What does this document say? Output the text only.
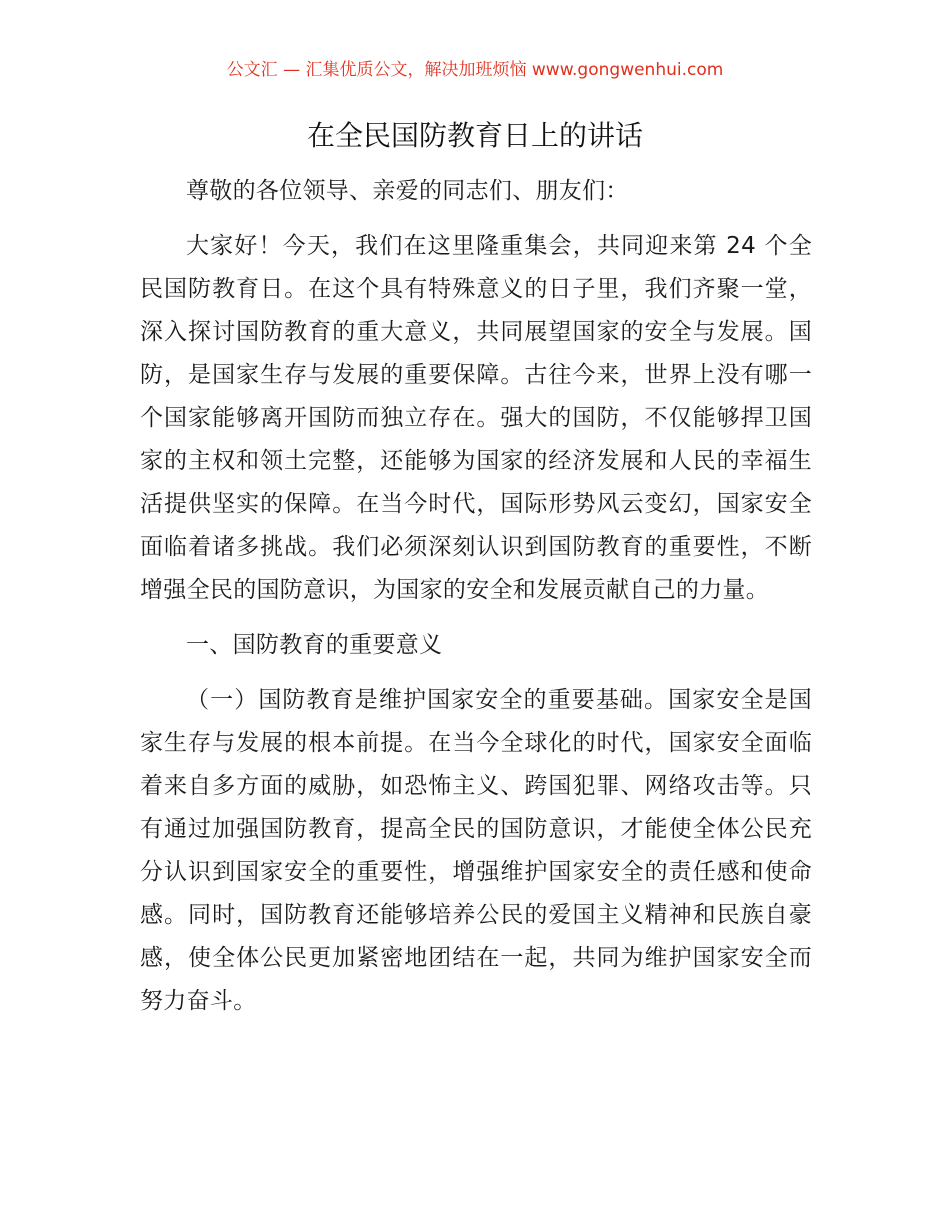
公文汇 — 汇集优质公文，解决加班烦恼 www.gongwenhui.com
在全民国防教育日上的讲话

尊敬的各位领导、亲爱的同志们、朋友们：

大家好！今天，我们在这里隆重集会，共同迎来第 24 个全民国防教育日。在这个具有特殊意义的日子里，我们齐聚一堂，深入探讨国防教育的重大意义，共同展望国家的安全与发展。国防，是国家生存与发展的重要保障。古往今来，世界上没有哪一个国家能够离开国防而独立存在。强大的国防，不仅能够捍卫国家的主权和领土完整，还能够为国家的经济发展和人民的幸福生活提供坚实的保障。在当今时代，国际形势风云变幻，国家安全面临着诸多挑战。我们必须深刻认识到国防教育的重要性，不断增强全民的国防意识，为国家的安全和发展贡献自己的力量。

一、国防教育的重要意义

（一）国防教育是维护国家安全的重要基础。国家安全是国家生存与发展的根本前提。在当今全球化的时代，国家安全面临着来自多方面的威胁，如恐怖主义、跨国犯罪、网络攻击等。只有通过加强国防教育，提高全民的国防意识，才能使全体公民充分认识到国家安全的重要性，增强维护国家安全的责任感和使命感。同时，国防教育还能够培养公民的爱国主义精神和民族自豪感，使全体公民更加紧密地团结在一起，共同为维护国家安全而努力奋斗。
